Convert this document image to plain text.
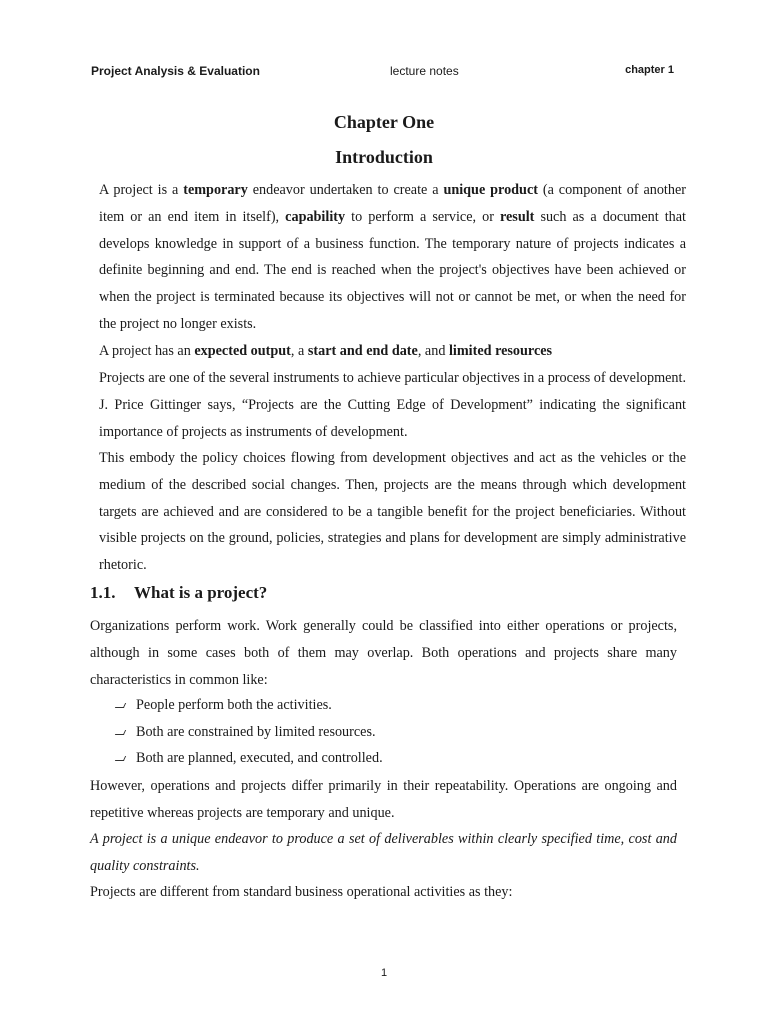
Project Analysis & Evaluation	lecture notes	chapter 1
Chapter One
Introduction

A project is a temporary endeavor undertaken to create a unique product (a component of another item or an end item in itself), capability to perform a service, or result such as a document that develops knowledge in support of a business function. The temporary nature of projects indicates a definite beginning and end. The end is reached when the project's objectives have been achieved or when the project is terminated because its objectives will not or cannot be met, or when the need for the project no longer exists.

A project has an expected output, a start and end date, and limited resources

Projects are one of the several instruments to achieve particular objectives in a process of development. J. Price Gittinger says, “Projects are the Cutting Edge of Development” indicating the significant importance of projects as instruments of development.

This embody the policy choices flowing from development objectives and act as the vehicles or the medium of the described social changes. Then, projects are the means through which development targets are achieved and are considered to be a tangible benefit for the project beneficiaries. Without visible projects on the ground, policies, strategies and plans for development are simply administrative rhetoric.

1.1. What is a project?

Organizations perform work. Work generally could be classified into either operations or projects, although in some cases both of them may overlap. Both operations and projects share many characteristics in common like:

People perform both the activities.
Both are constrained by limited resources.
Both are planned, executed, and controlled.

However, operations and projects differ primarily in their repeatability. Operations are ongoing and repetitive whereas projects are temporary and unique.

A project is a unique endeavor to produce a set of deliverables within clearly specified time, cost and quality constraints.

Projects are different from standard business operational activities as they:

1
